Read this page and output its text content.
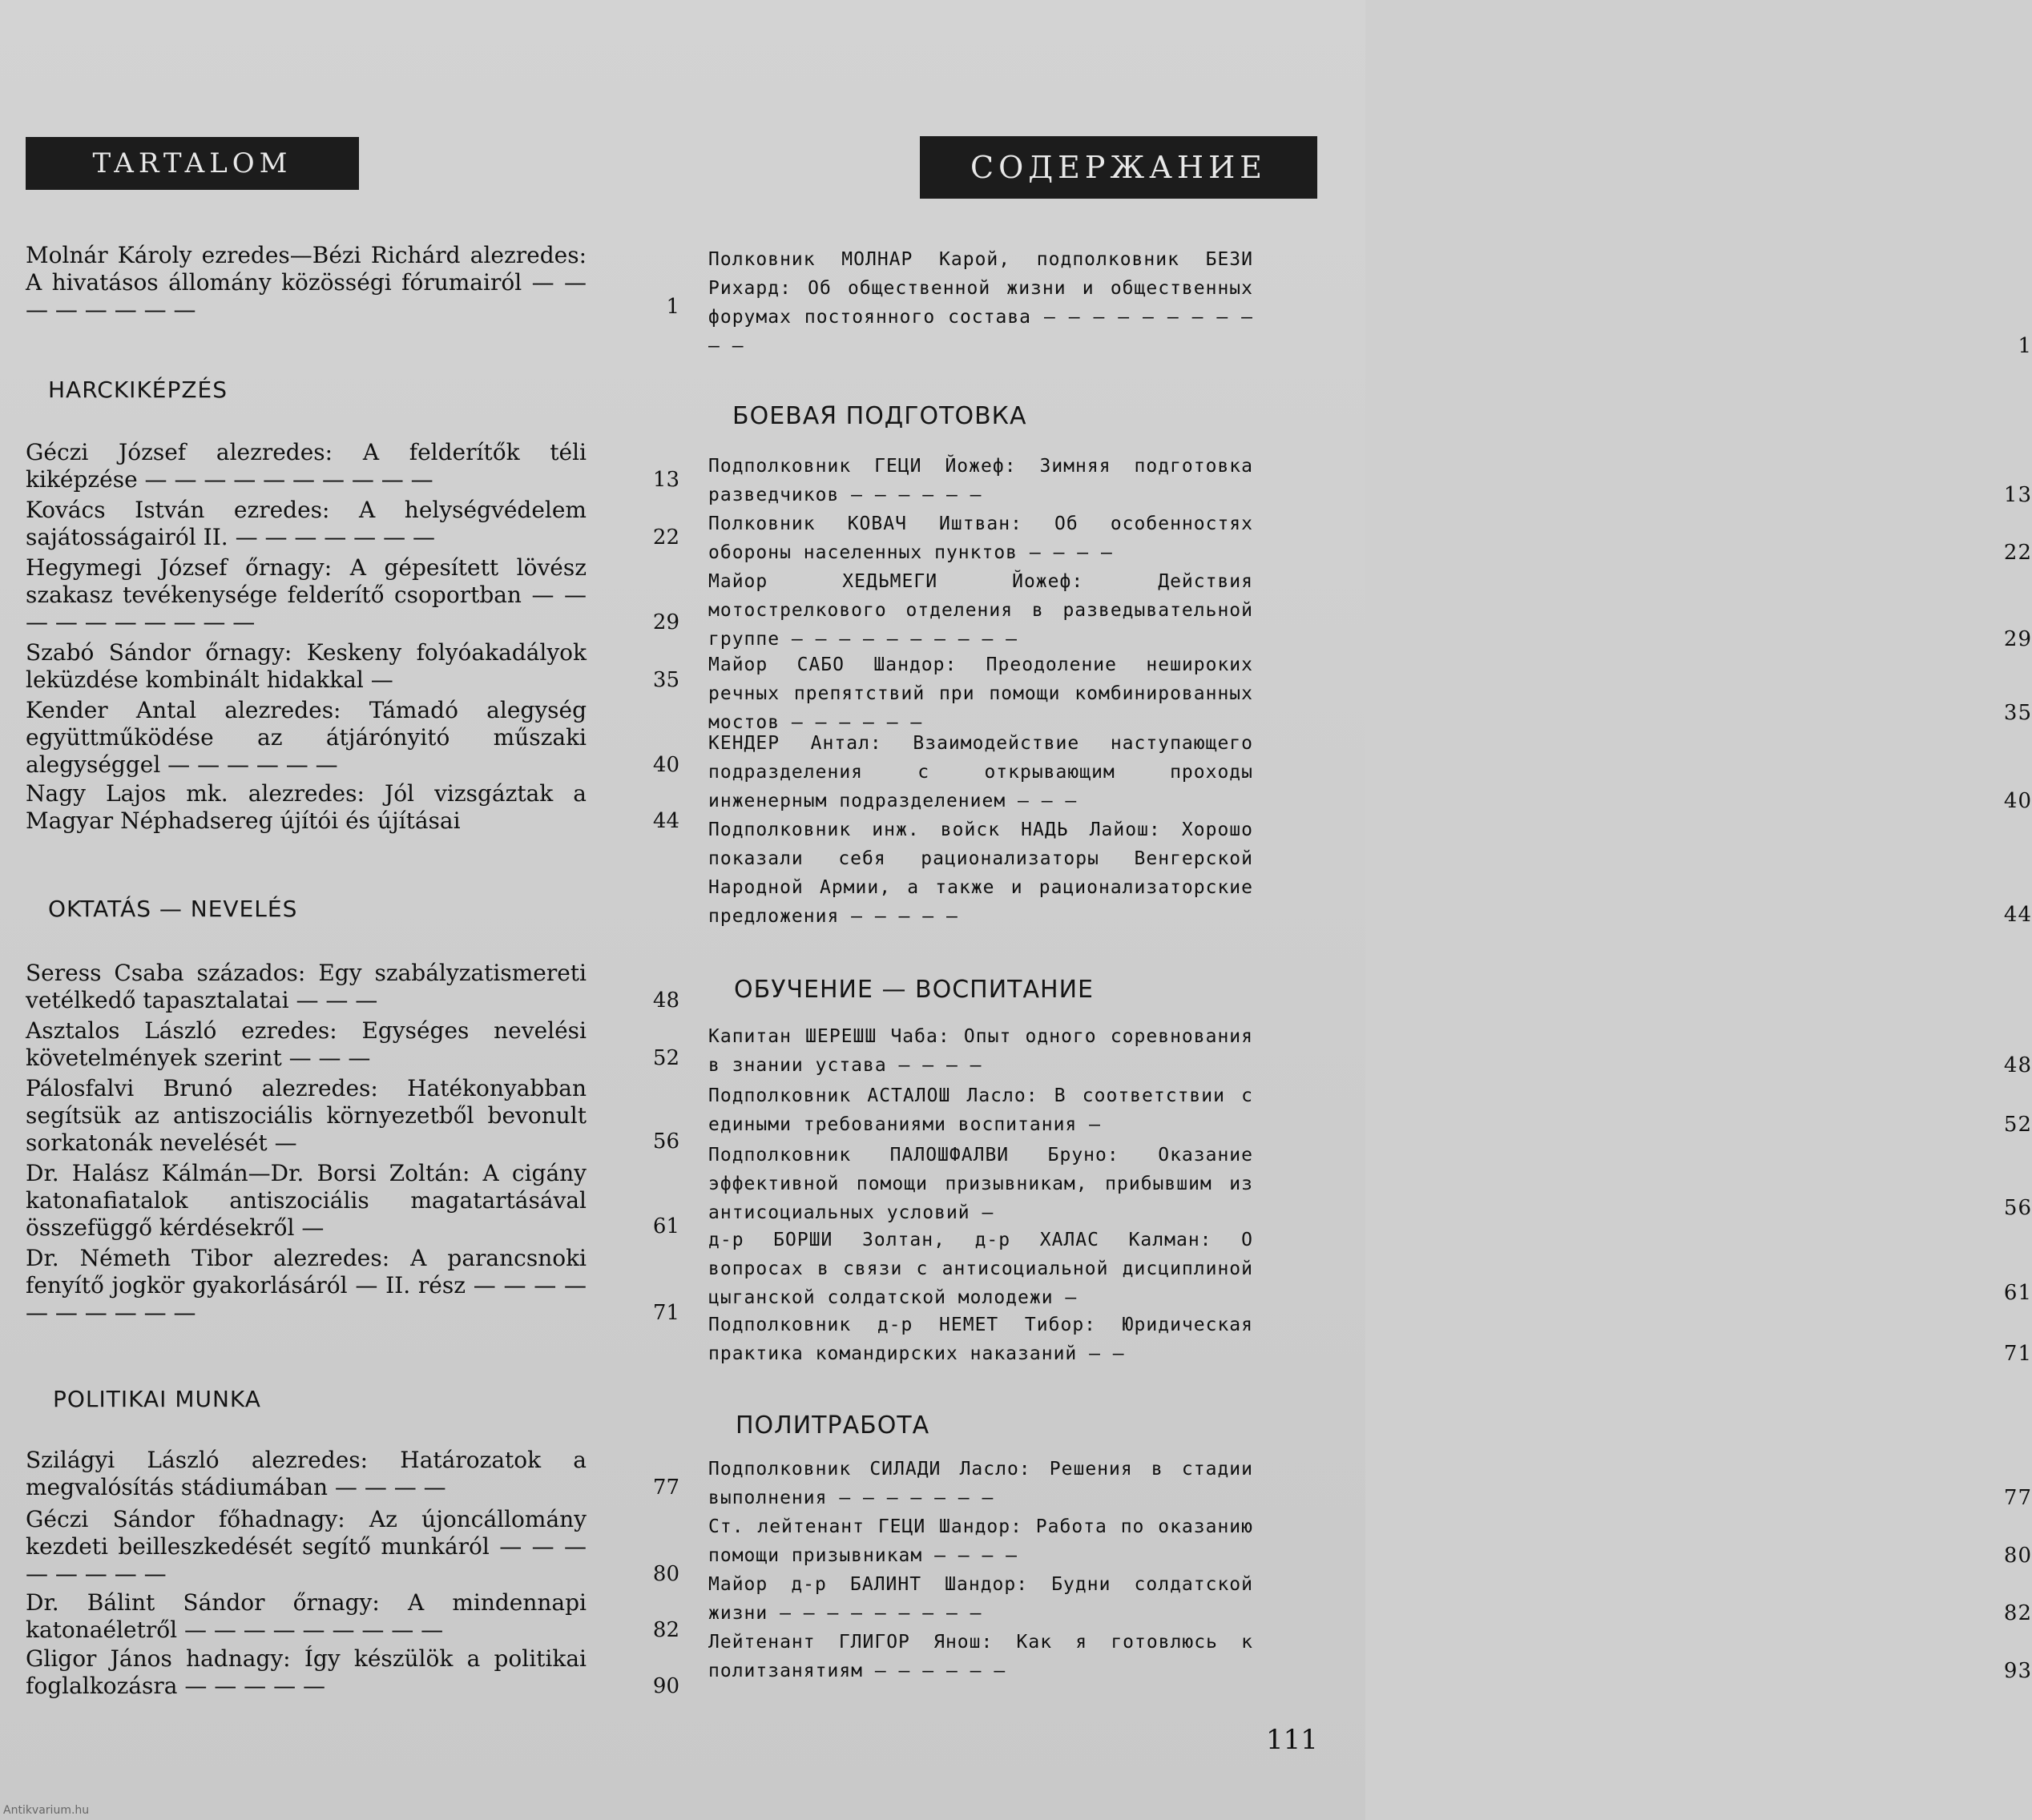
TARTALOM
Molnár Károly ezredes—Bézi Richárd alezredes: A hivatásos állomány közösségi fórumairól — — — — — — — —	1
HARCKIKÉPZÉS
Géczi József alezredes: A felderítők téli kiképzése — — — — — — — — — —	13
Kovács István ezredes: A helységvédelem sajátosságairól II. — — — — — — —	22
Hegymegi József őrnagy: A gépesített lövész szakasz tevékenysége felderítő csoportban — — — — — — — — — —	29
Szabó Sándor őrnagy: Keskeny folyóakadályok leküzdése kombinált hidakkal —	35
Kender Antal alezredes: Támadó alegység együttműködése az átjárónyitó műszaki alegységgel — — — — — —	40
Nagy Lajos mk. alezredes: Jól vizsgáztak a Magyar Néphadsereg újítói és újításai	44
OKTATÁS — NEVELÉS
Seress Csaba százados: Egy szabályzatismereti vetélkedő tapasztalatai — — —	48
Asztalos László ezredes: Egységes nevelési követelmények szerint — — —	52
Pálosfalvi Brunó alezredes: Hatékonyabban segítsük az antiszociális környezetből bevonult sorkatonák nevelését —	56
Dr. Halász Kálmán—Dr. Borsi Zoltán: A cigány katonafiatalok antiszociális magatartásával összefüggő kérdésekről —	61
Dr. Németh Tibor alezredes: A parancsnoki fenyítő jogkör gyakorlásáról — II. rész — — — — — — — — — —	71
POLITIKAI MUNKA
Szilágyi László alezredes: Határozatok a megvalósítás stádiumában — — — —	77
Géczi Sándor főhadnagy: Az újoncállomány kezdeti beilleszkedését segítő munkáról — — — — — — — —	80
Dr. Bálint Sándor őrnagy: A mindennapi katonaéletről — — — — — — — — —	82
Gligor János hadnagy: Így készülök a politikai foglalkozásra — — — — —	90
СОДЕРЖАНИЕ
Полковник МОЛНАР Карой, подполковник БЕЗИ Рихард: Об общественной жизни и общественных форумах постоянного состава — — — — — — — — — — —	1
БОЕВАЯ ПОДГОТОВКА
Подполковник ГЕЦИ Йожеф: Зимняя подготовка разведчиков — — — — — —	13
Полковник КОВАЧ Иштван: Об особенностях обороны населенных пунктов — — — —	22
Майор ХЕДЬМЕГИ Йожеф: Действия мотострелкового отделения в разведывательной группе — — — — — — — — — —	29
Майор САБО Шандор: Преодоление неширокиx речных препятствий при помощи комбинированных мостов — — — — — —	35
КЕНДЕР Антал: Взаимодействие наступающего подразделения с открывающим проходы инженерным подразделением — — —	40
Подполковник инж. войск НАДЬ Лайош: Хорошо показали себя рационализаторы Венгерской Народной Армии, а также и рационализаторские предложения — — — — —	44
ОБУЧЕНИЕ — ВОСПИТАНИЕ
Капитан ШЕРЕШШ Чаба: Опыт одного соревнования в знании устава — — — —	48
Подполковник АСТАЛОШ Ласло: В соответствии с едиными требованиями воспитания —	52
Подполковник ПАЛОШФАЛВИ Бруно: Оказание эффективной помощи призывникам, прибывшим из антисоциальных условий —	56
д-р БОРШИ Золтан, д-р ХАЛАС Калман: О вопросах в связи с антисоциальной дисциплиной цыганской солдатской молодежи —	61
Подполковник д-р НЕМЕТ Тибор: Юридическая практика командирских наказаний — —	71
ПОЛИТРАБОТА
Подполковник СИЛАДИ Ласло: Решения в стадии выполнения — — — — — — —	77
Ст. лейтенант ГЕЦИ Шандор: Работа по оказанию помощи призывникам — — — —	80
Майор д-р БАЛИНТ Шандор: Будни солдатской жизни — — — — — — — — —	82
Лейтенант ГЛИГОР Янош: Как я готовлюсь к политзанятиям — — — — — —	93
111
Antikvarium.hu
